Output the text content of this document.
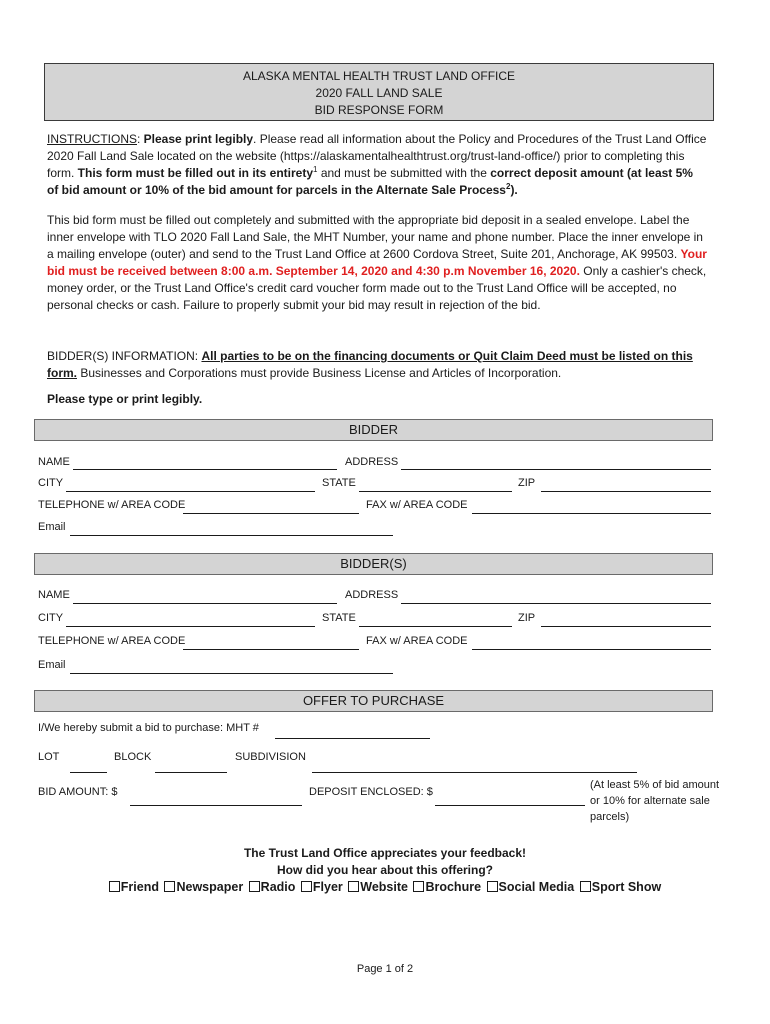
ALASKA MENTAL HEALTH TRUST LAND OFFICE
2020 FALL LAND SALE
BID RESPONSE FORM

INSTRUCTIONS: Please print legibly. Please read all information about the Policy and Procedures of the Trust Land Office 2020 Fall Land Sale located on the website (https://alaskamentalhealthtrust.org/trust-land-office/) prior to completing this form. This form must be filled out in its entirety$^1$ and must be submitted with the correct deposit amount (at least 5% of bid amount or 10% of the bid amount for parcels in the Alternate Sale Process$^2$).

This bid form must be filled out completely and submitted with the appropriate bid deposit in a sealed envelope. Label the inner envelope with TLO 2020 Fall Land Sale, the MHT Number, your name and phone number. Place the inner envelope in a mailing envelope (outer) and send to the Trust Land Office at 2600 Cordova Street, Suite 201, Anchorage, AK 99503. Your bid must be received between 8:00 a.m. September 14, 2020 and 4:30 p.m November 16, 2020. Only a cashier's check, money order, or the Trust Land Office's credit card voucher form made out to the Trust Land Office will be accepted, no personal checks or cash. Failure to properly submit your bid may result in rejection of the bid.

BIDDER(S) INFORMATION: All parties to be on the financing documents or Quit Claim Deed must be listed on this form. Businesses and Corporations must provide Business License and Articles of Incorporation.

Please type or print legibly.

BIDDER
NAME	ADDRESS
CITY	STATE	ZIP
TELEPHONE w/ AREA CODE	FAX w/ AREA CODE
Email
BIDDER(S)
NAME	ADDRESS
CITY	STATE	ZIP
TELEPHONE w/ AREA CODE	FAX w/ AREA CODE
Email
OFFER TO PURCHASE
I/We hereby submit a bid to purchase: MHT #
LOT	BLOCK	SUBDIVISION
BID AMOUNT: $	DEPOSIT ENCLOSED: $
(At least 5% of bid amount or 10% for alternate sale parcels)
The Trust Land Office appreciates your feedback!
How did you hear about this offering?
Friend Newspaper Radio Flyer Website Brochure Social Media Sport Show
Page 1 of 2
